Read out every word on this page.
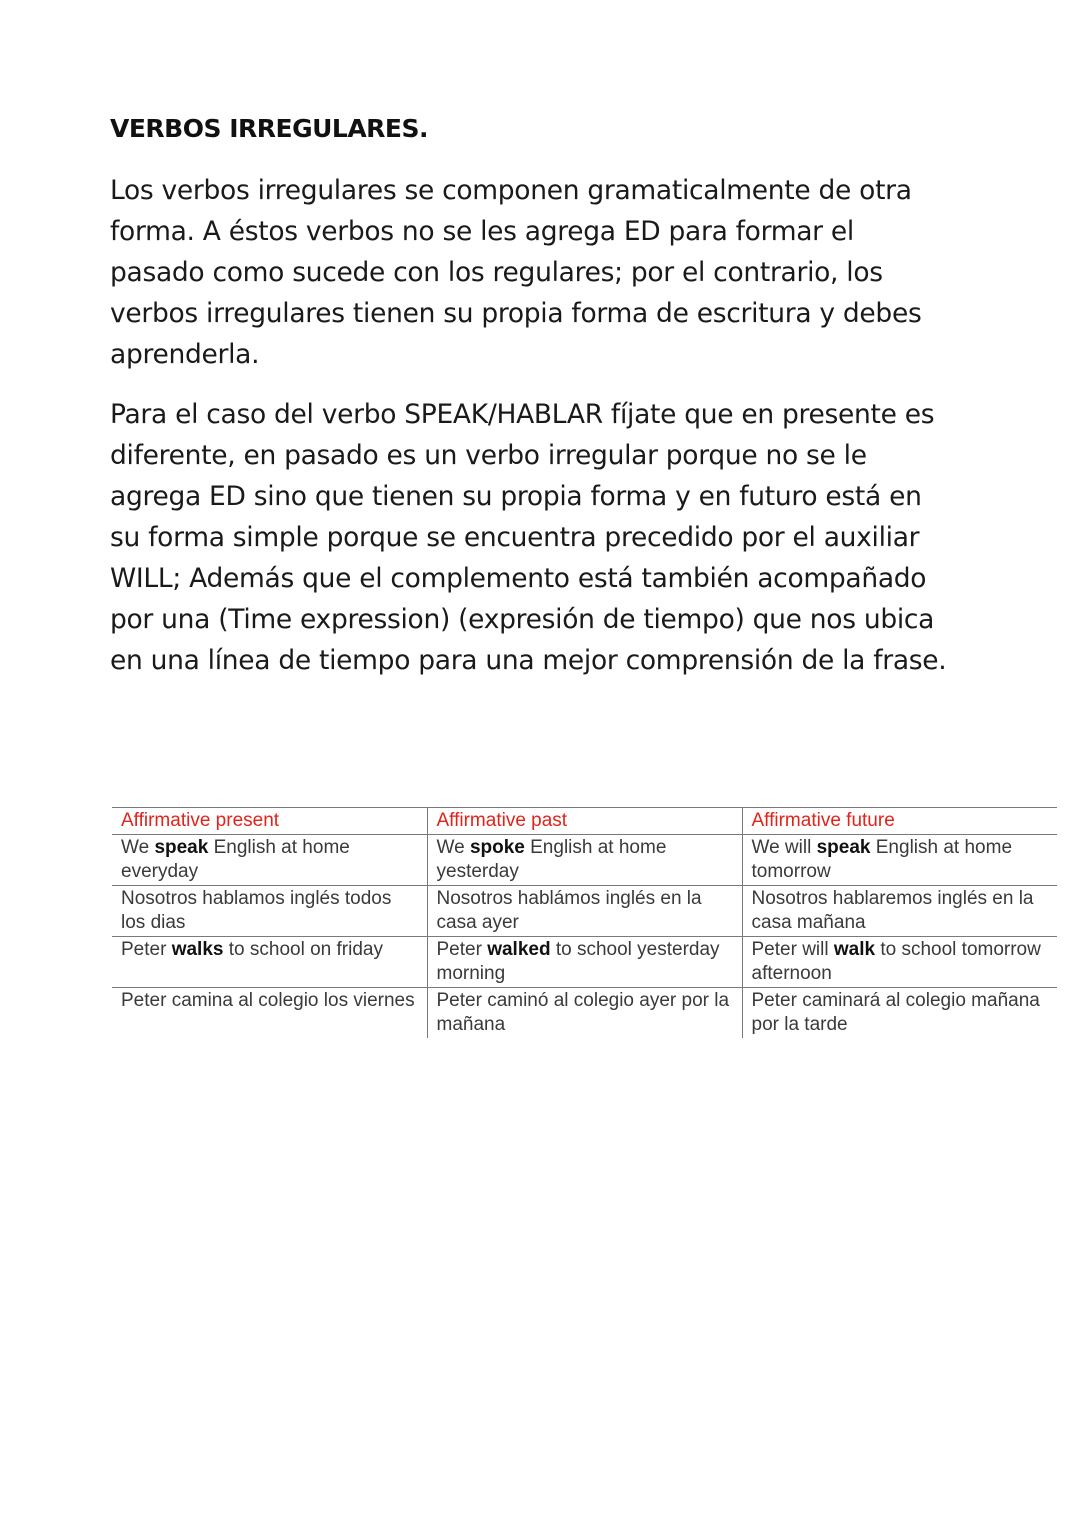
VERBOS IRREGULARES.

Los verbos irregulares se componen gramaticalmente de otra forma. A éstos verbos no se les agrega ED para formar el pasado como sucede con los regulares; por el contrario, los verbos irregulares tienen su propia forma de escritura y debes aprenderla.

Para el caso del verbo SPEAK/HABLAR fíjate que en presente es diferente, en pasado es un verbo irregular porque no se le agrega ED sino que tienen su propia forma y en futuro está en su forma simple porque se encuentra precedido por el auxiliar WILL; Además que el complemento está también acompañado por una (Time expression) (expresión de tiempo) que nos ubica en una línea de tiempo para una mejor comprensión de la frase.

Affirmative present	Affirmative past	Affirmative future
We speak English at home everyday	We spoke English at home yesterday	We will speak English at home tomorrow
Nosotros hablamos inglés todos los dias	Nosotros hablámos inglés en la casa ayer	Nosotros hablaremos inglés en la casa mañana
Peter walks to school on friday	Peter walked to school yesterday morning	Peter will walk to school tomorrow afternoon
Peter camina al colegio los viernes	Peter caminó al colegio ayer por la mañana	Peter caminará al colegio mañana por la tarde
